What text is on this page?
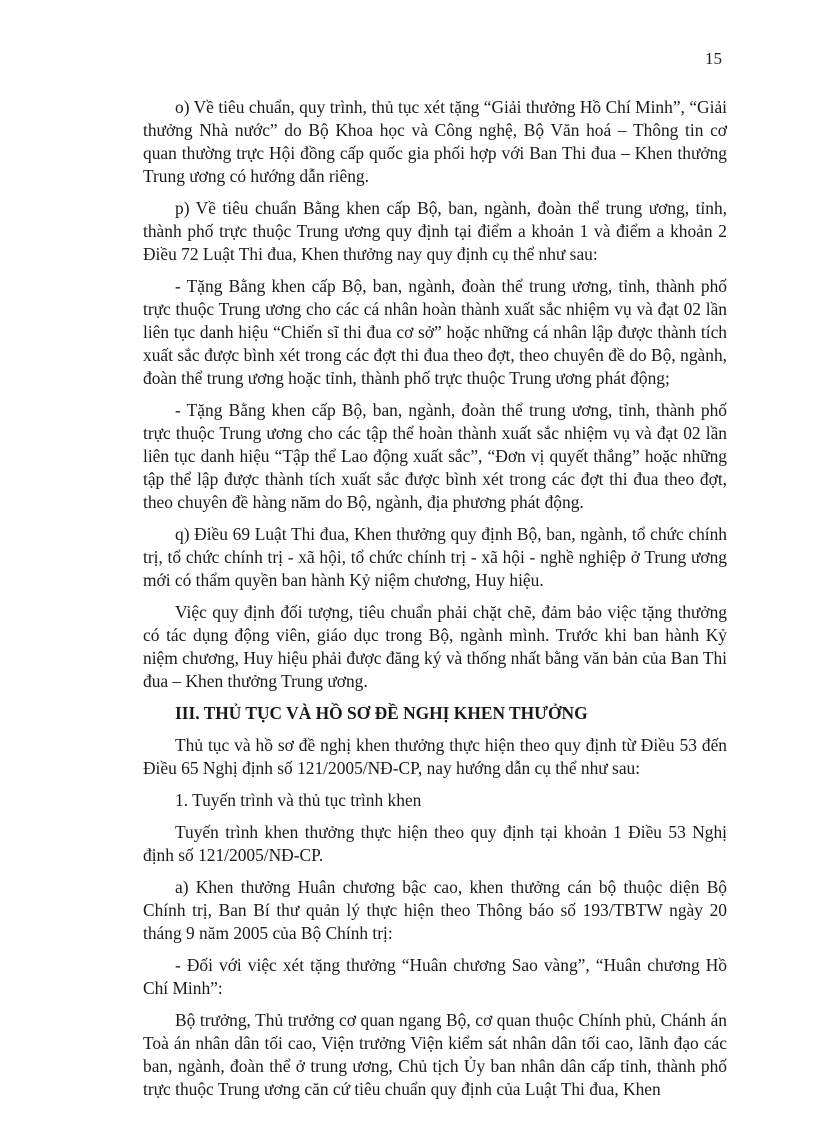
15

o) Về tiêu chuẩn, quy trình, thủ tục xét tặng “Giải thưởng Hồ Chí Minh”, “Giải thưởng Nhà nước” do Bộ Khoa học và Công nghệ, Bộ Văn hoá – Thông tin cơ quan thường trực Hội đồng cấp quốc gia phối hợp với Ban Thi đua – Khen thưởng Trung ương có hướng dẫn riêng.

p) Về tiêu chuẩn Bằng khen cấp Bộ, ban, ngành, đoàn thể trung ương, tỉnh, thành phố trực thuộc Trung ương quy định tại điểm a khoản 1 và điểm a khoản 2 Điều 72 Luật Thi đua, Khen thưởng nay quy định cụ thể như sau:

- Tặng Bằng khen cấp Bộ, ban, ngành, đoàn thể trung ương, tỉnh, thành phố trực thuộc Trung ương cho các cá nhân hoàn thành xuất sắc nhiệm vụ và đạt 02 lần liên tục danh hiệu “Chiến sĩ thi đua cơ sở” hoặc những cá nhân lập được thành tích xuất sắc được bình xét trong các đợt thi đua theo đợt, theo chuyên đề do Bộ, ngành, đoàn thể trung ương hoặc tỉnh, thành phố trực thuộc Trung ương phát động;

- Tặng Bằng khen cấp Bộ, ban, ngành, đoàn thể trung ương, tỉnh, thành phố trực thuộc Trung ương cho các tập thể hoàn thành xuất sắc nhiệm vụ và đạt 02 lần liên tục danh hiệu “Tập thể Lao động xuất sắc”, “Đơn vị quyết thắng” hoặc những tập thể lập được thành tích xuất sắc được bình xét trong các đợt thi đua theo đợt, theo chuyên đề hàng năm do Bộ, ngành, địa phương phát động.

q) Điều 69 Luật Thi đua, Khen thưởng quy định Bộ, ban, ngành, tổ chức chính trị, tổ chức chính trị - xã hội, tổ chức chính trị - xã hội - nghề nghiệp ở Trung ương mới có thẩm quyền ban hành Kỷ niệm chương, Huy hiệu.

Việc quy định đối tượng, tiêu chuẩn phải chặt chẽ, đảm bảo việc tặng thưởng có tác dụng động viên, giáo dục trong Bộ, ngành mình. Trước khi ban hành Kỷ niệm chương, Huy hiệu phải được đăng ký và thống nhất bằng văn bản của Ban Thi đua – Khen thưởng Trung ương.

III. THỦ TỤC VÀ HỒ SƠ ĐỀ NGHỊ KHEN THƯỞNG

Thủ tục và hồ sơ đề nghị khen thưởng thực hiện theo quy định từ Điều 53 đến Điều 65 Nghị định số 121/2005/NĐ-CP, nay hướng dẫn cụ thể như sau:

1. Tuyến trình và thủ tục trình khen

Tuyến trình khen thưởng thực hiện theo quy định tại khoản 1 Điều 53 Nghị định số 121/2005/NĐ-CP.

a) Khen thưởng Huân chương bậc cao, khen thưởng cán bộ thuộc diện Bộ Chính trị, Ban Bí thư quản lý thực hiện theo Thông báo số 193/TBTW ngày 20 tháng 9 năm 2005 của Bộ Chính trị:

- Đối với việc xét tặng thưởng “Huân chương Sao vàng”, “Huân chương Hồ Chí Minh”:

Bộ trưởng, Thủ trưởng cơ quan ngang Bộ, cơ quan thuộc Chính phủ, Chánh án Toà án nhân dân tối cao, Viện trưởng Viện kiểm sát nhân dân tối cao, lãnh đạo các ban, ngành, đoàn thể ở trung ương, Chủ tịch Ủy ban nhân dân cấp tỉnh, thành phố trực thuộc Trung ương căn cứ tiêu chuẩn quy định của Luật Thi đua, Khen
